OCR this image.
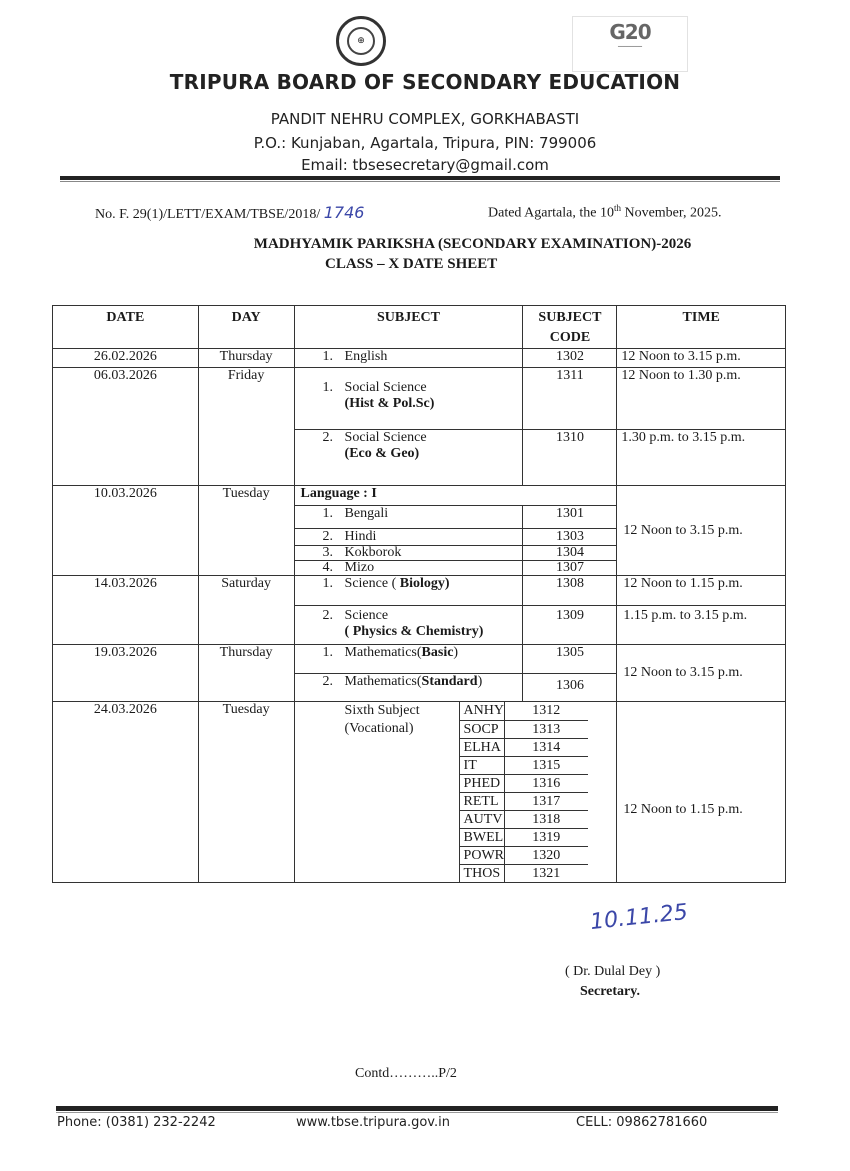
⊕	G20
━━━━━━━━
TRIPURA BOARD OF SECONDARY EDUCATION
PANDIT NEHRU COMPLEX, GORKHABASTI
P.O.: Kunjaban, Agartala, Tripura, PIN: 799006
Email: tbsesecretary@gmail.com
No. F. 29(1)/LETT/EXAM/TBSE/2018/ 1746	Dated Agartala, the 10th November, 2025.
MADHYAMIK PARIKSHA (SECONDARY EXAMINATION)-2026
CLASS – X DATE SHEET
DATE	DAY	SUBJECT	SUBJECT
CODE	TIME
26.02.2026	Thursday	1. English	1302	12 Noon to 3.15 p.m.
06.03.2026	Friday	1. Social Science
(Hist & Pol.Sc)	1311	12 Noon to 1.30 p.m.
2. Social Science
(Eco & Geo)	1310	1.30 p.m. to 3.15 p.m.
10.03.2026	Tuesday	Language : I	12 Noon to 3.15 p.m.
1. Bengali	1301
2. Hindi	1303
3. Kokborok	1304
4. Mizo	1307
14.03.2026	Saturday	1. Science ( Biology)	1308	12 Noon to 1.15 p.m.
2. Science
( Physics & Chemistry)	1309	1.15 p.m. to 3.15 p.m.
19.03.2026	Thursday	1. Mathematics(Basic)	1305	12 Noon to 3.15 p.m.
2. Mathematics(Standard)	1306
24.03.2026	Tuesday	Sixth Subject
(Vocational)
ANHY	1312
SOCP	1313
ELHA	1314
IT	1315
PHED	1316
RETL	1317
AUTV	1318
BWEL	1319
POWR	1320
THOS	1321
	12 Noon to 1.15 p.m.
10.11.25
( Dr. Dulal Dey )
Secretary.
Contd………..P/2
Phone: (0381) 232-2242	www.tbse.tripura.gov.in	CELL: 09862781660
